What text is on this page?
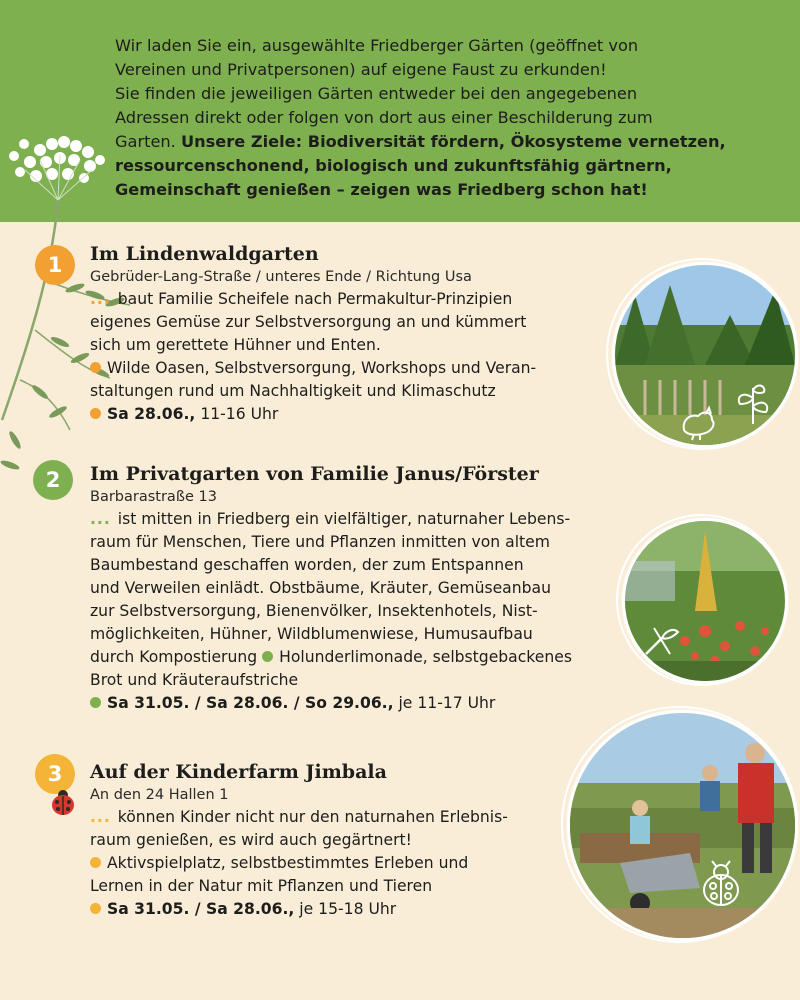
Wir laden Sie ein, ausgewählte Friedberger Gärten (geöffnet von
Vereinen und Privatpersonen) auf eigene Faust zu erkunden!
Sie finden die jeweiligen Gärten entweder bei den angegebenen
Adressen direkt oder folgen von dort aus einer Beschilderung zum
Garten. Unsere Ziele: Biodiversität fördern, Ökosysteme vernetzen,
ressourcenschonend, biologisch und zukunftsfähig gärtnern,
Gemeinschaft genießen – zeigen was Friedberg schon hat!
1	Im Lindenwaldgarten
Gebrüder-Lang-Straße / unteres Ende / Richtung Usa
... baut Familie Scheifele nach Permakultur-Prinzipien
eigenes Gemüse zur Selbstversorgung an und kümmert
sich um gerettete Hühner und Enten.
Wilde Oasen, Selbstversorgung, Workshops und Veran-
staltungen rund um Nachhaltigkeit und Klimaschutz
Sa 28.06., 11-16 Uhr
2	Im Privatgarten von Familie Janus/Förster
Barbarastraße 13
... ist mitten in Friedberg ein vielfältiger, naturnaher Lebens-
raum für Menschen, Tiere und Pflanzen inmitten von altem
Baumbestand geschaffen worden, der zum Entspannen
und Verweilen einlädt. Obstbäume, Kräuter, Gemüseanbau
zur Selbstversorgung, Bienenvölker, Insektenhotels, Nist-
möglichkeiten, Hühner, Wildblumenwiese, Humusaufbau
durch Kompostierung Holunderlimonade, selbstgebackenes
Brot und Kräuteraufstriche
Sa 31.05. / Sa 28.06. / So 29.06., je 11-17 Uhr
3	Auf der Kinderfarm Jimbala
An den 24 Hallen 1
... können Kinder nicht nur den naturnahen Erlebnis-
raum genießen, es wird auch gegärtnert!
Aktivspielplatz, selbstbestimmtes Erleben und
Lernen in der Natur mit Pflanzen und Tieren
Sa 31.05. / Sa 28.06., je 15-18 Uhr
